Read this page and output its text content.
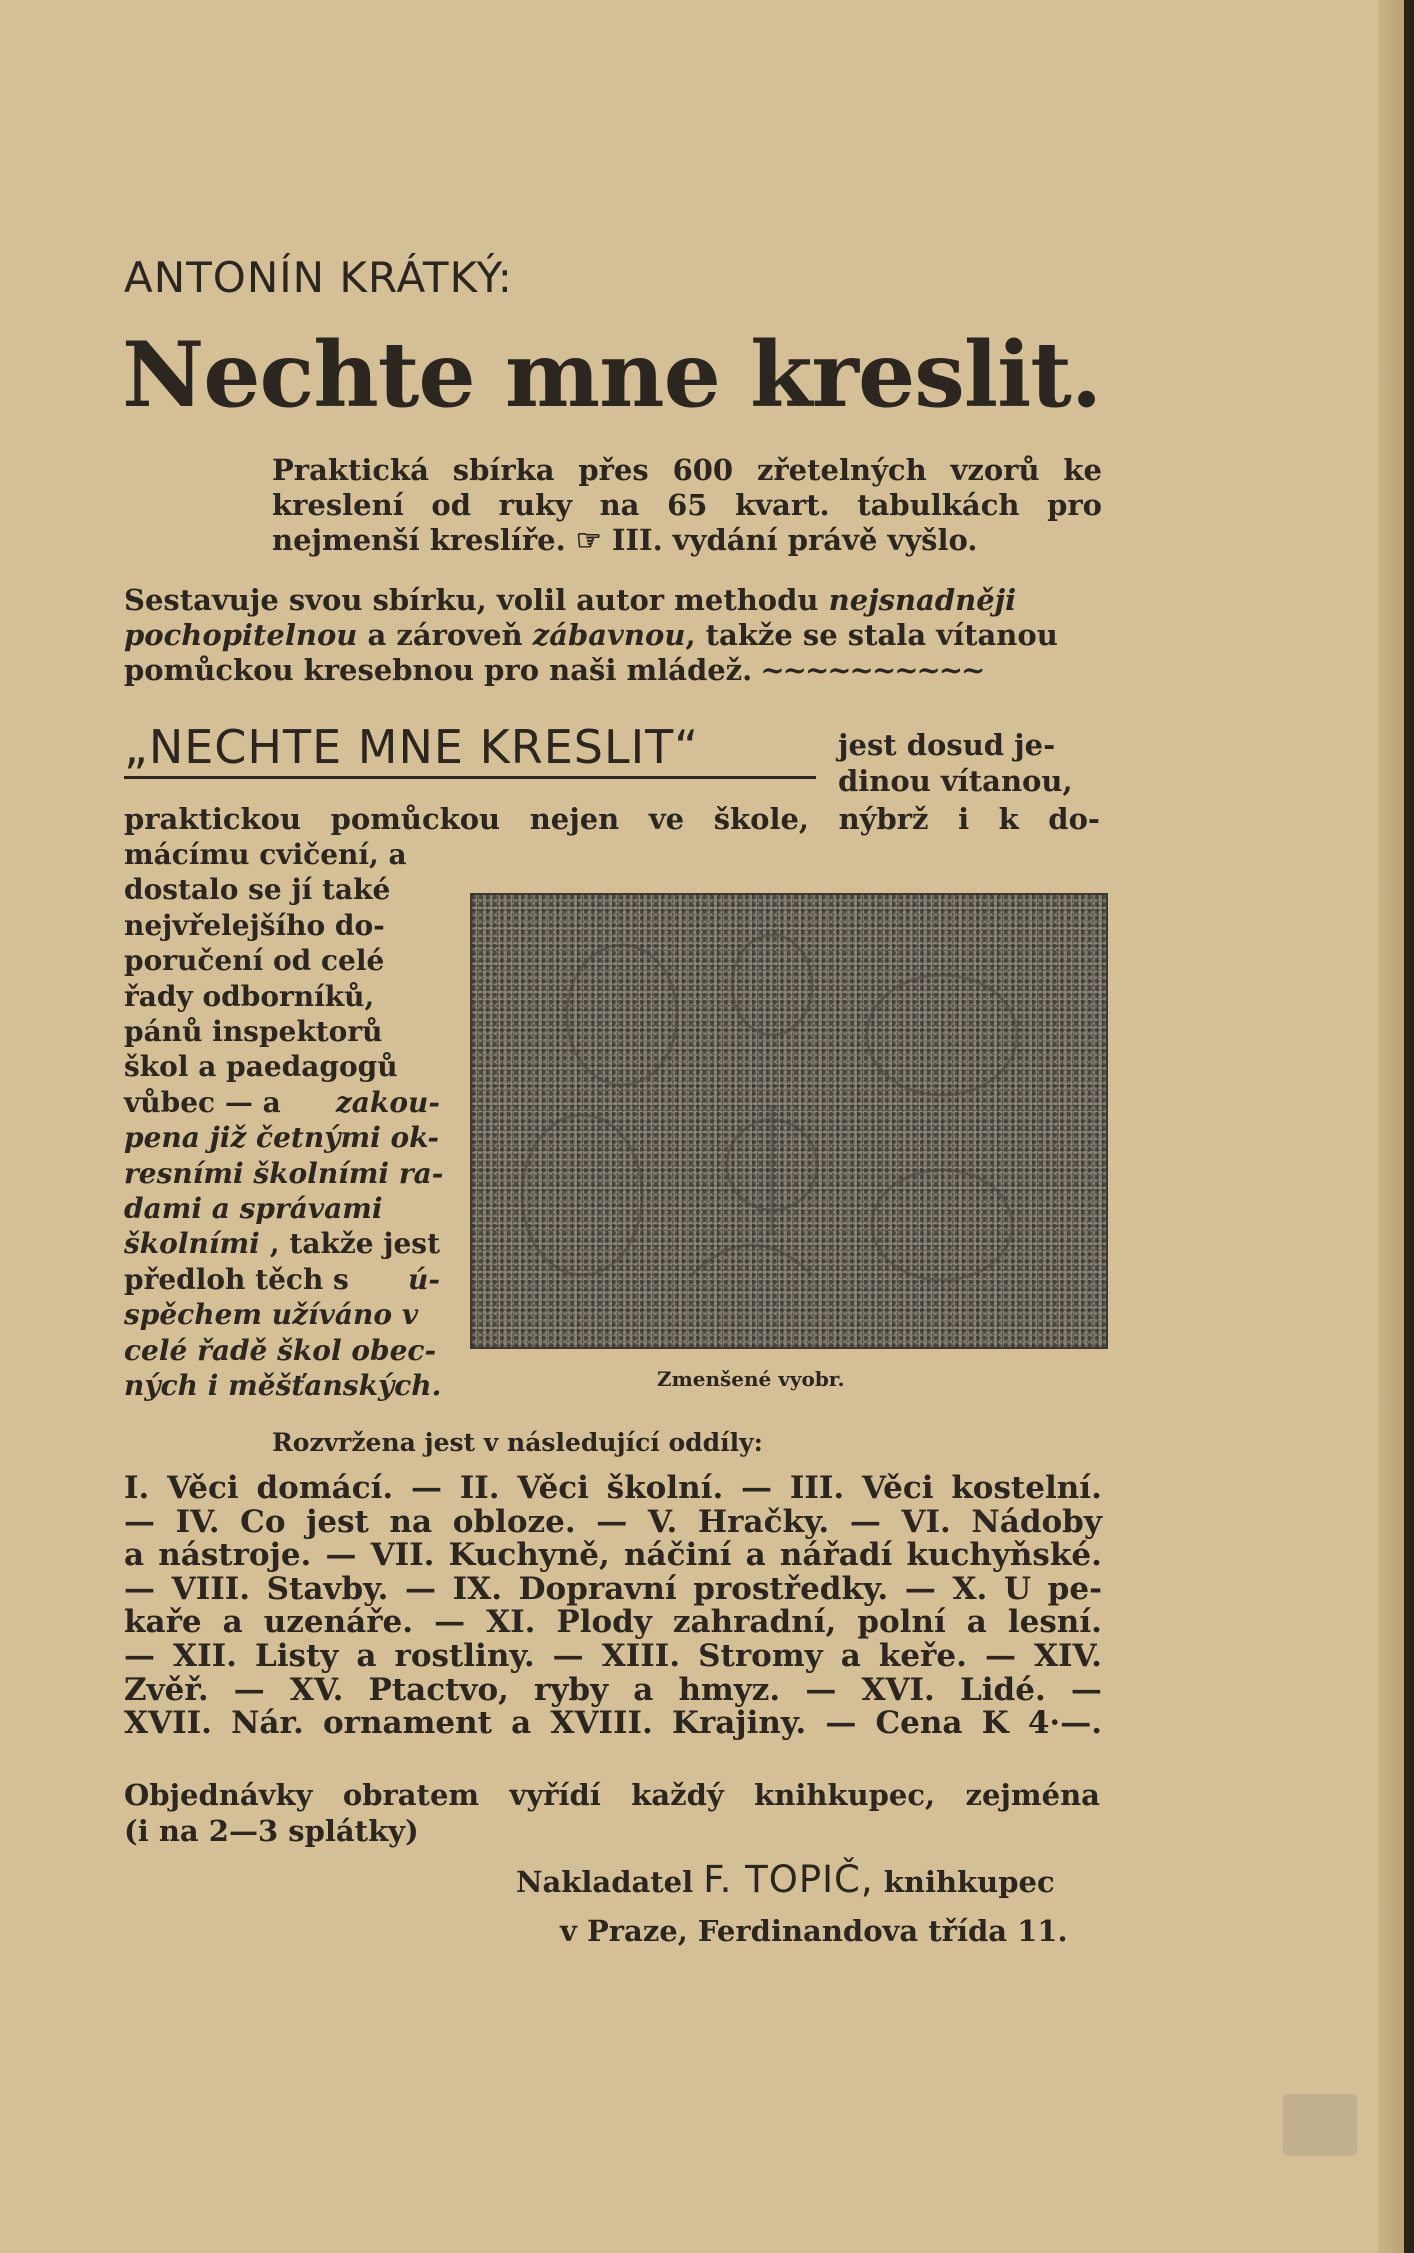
ANTONÍN KRÁTKÝ:
Nechte mne kreslit.
Praktická sbírka přes 600 zřetelných vzorů ke
kreslení od ruky na 65 kvart. tabulkách pro
nejmenší kreslíře. ☞ III. vydání právě vyšlo.
Sestavuje svou sbírku, volil autor methodu nejsnadněji
pochopitelnou a zároveň zábavnou, takže se stala vítanou
pomůckou kresebnou pro naši mládež. ~~~~~~~~~~
„NECHTE MNE KRESLIT“	jest dosud je-
dinou vítanou,
praktickou pomůckou nejen ve škole, nýbrž i k do-
mácímu cvičení, a
dostalo se jí také
nejvřelejšího do-
poručení od celé
řady odborníků,
pánů inspektorů
škol a paedagogů
vůbec — a zakou-
pena již četnými ok-
resními školními ra-
dami a správami
školními , takže jest
předloh těch s ú-
spěchem užíváno v
celé řadě škol obec-
ných i měšťanských.	Zmenšené vyobr.
Rozvržena jest v následující oddíly:
I. Věci domácí. — II. Věci školní. — III. Věci kostelní.
— IV. Co jest na obloze. — V. Hračky. — VI. Nádoby
a nástroje. — VII. Kuchyně, náčiní a nářadí kuchyňské.
— VIII. Stavby. — IX. Dopravní prostředky. — X. U pe-
kaře a uzenáře. — XI. Plody zahradní, polní a lesní.
— XII. Listy a rostliny. — XIII. Stromy a keře. — XIV.
Zvěř. — XV. Ptactvo, ryby a hmyz. — XVI. Lidé. —
XVII. Nár. ornament a XVIII. Krajiny. — Cena K 4·—.
Objednávky obratem vyřídí každý knihkupec, zejména
(i na 2—3 splátky)
Nakladatel F. TOPIČ, knihkupec
v Praze, Ferdinandova třída 11.
